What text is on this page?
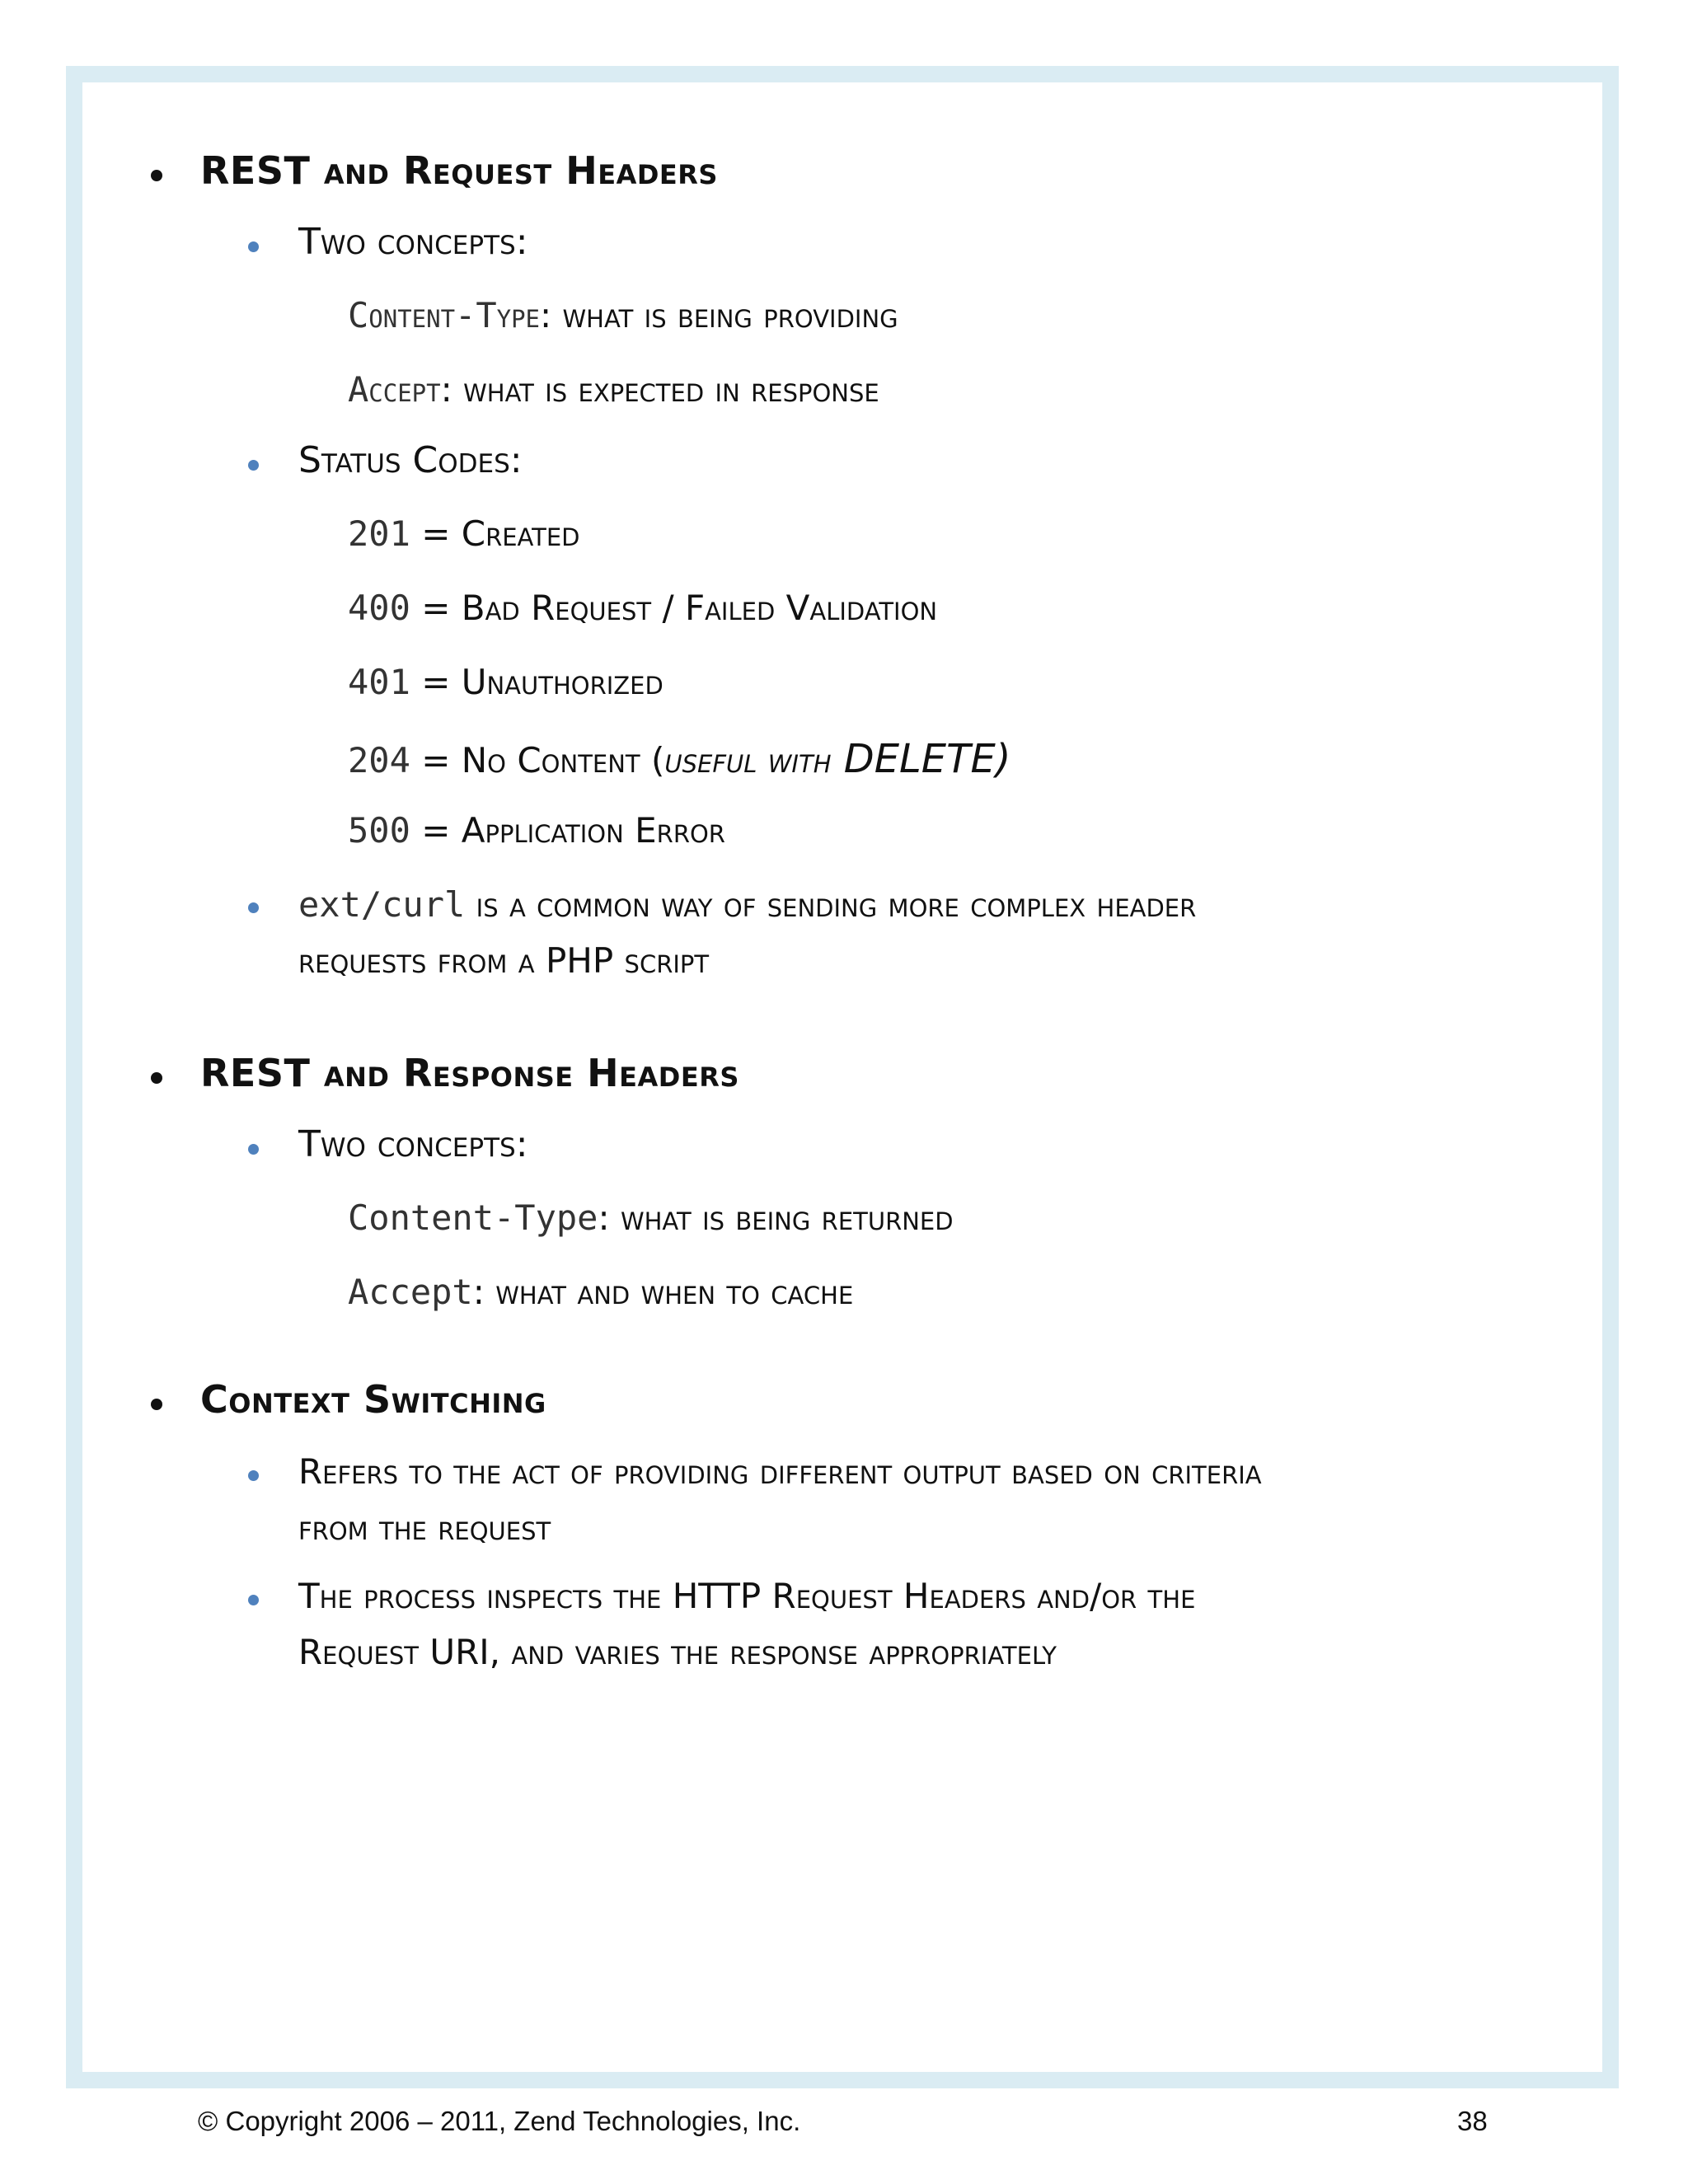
REST and Request Headers
Two concepts:
Content-Type: what is being providing
Accept: what is expected in response
Status Codes:
201 = Created
400 = Bad Request / Failed Validation
401 = Unauthorized
204 = No Content (useful with DELETE)
500 = Application Error
ext/curl is a common way of sending more complex header
requests from a PHP script
REST and Response Headers
Two concepts:
Content-Type: what is being returned
Accept: what and when to cache
Context Switching
Refers to the act of providing different output based on criteria
from the request
The process inspects the HTTP Request Headers and/or the
Request URI, and varies the response appropriately
© Copyright 2006 – 2011, Zend Technologies, Inc.	38
